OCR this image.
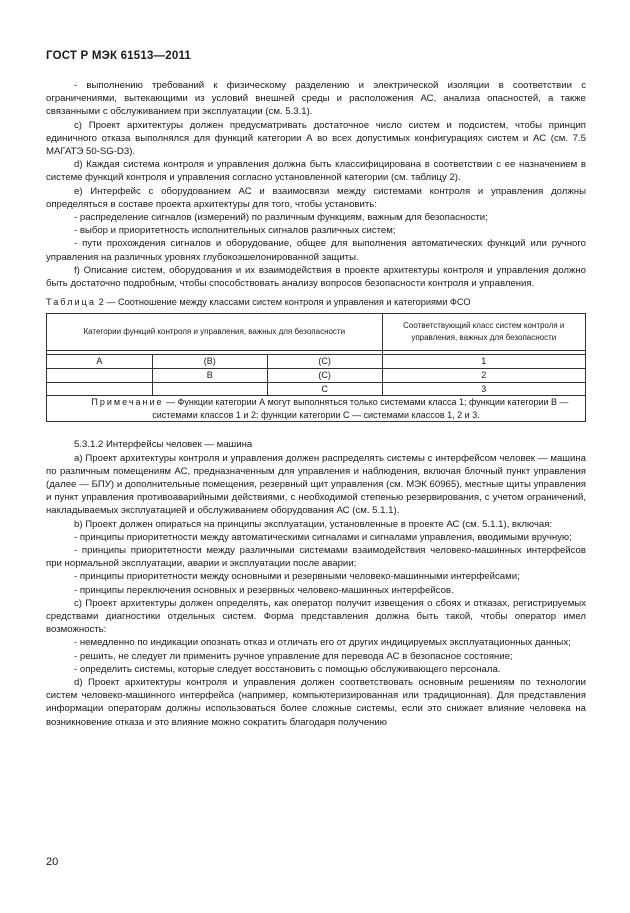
ГОСТ Р МЭК 61513—2011

- выполнению требований к физическому разделению и электрической изоляции в соответствии с ограничениями, вытекающими из условий внешней среды и расположения АС, анализа опасностей, а также связанными с обслуживанием при эксплуатации (см. 5.3.1).

c) Проект архитектуры должен предусматривать достаточное число систем и подсистем, чтобы принцип единичного отказа выполнялся для функций категории А во всех допустимых конфигурациях систем и АС (см. 7.5 МАГАТЭ 50-SG-D3).

d) Каждая система контроля и управления должна быть классифицирована в соответствии с ее назначением в системе функций контроля и управления согласно установленной категории (см. таблицу 2).

e) Интерфейс с оборудованием АС и взаимосвязи между системами контроля и управления должны определяться в составе проекта архитектуры для того, чтобы установить:

- распределение сигналов (измерений) по различным функциям, важным для безопасности;

- выбор и приоритетность исполнительных сигналов различных систем;

- пути прохождения сигналов и оборудование, общее для выполнения автоматических функций или ручного управления на различных уровнях глубокоэшелонированной защиты.

f) Описание систем, оборудования и их взаимодействия в проекте архитектуры контроля и управления должно быть достаточно подробным, чтобы способствовать анализу вопросов безопасности контроля и управления.

Таблица 2 — Соотношение между классами систем контроля и управления и категориями ФСО

Категории функций контроля и управления, важных для безопасности			Соответствующий класс систем контроля и управления, важных для безопасности

А	(В)	(С)	1
	В	(С)	2
		С	3

Примечание — Функции категории А могут выполняться только системами класса 1; функции категории В — системами классов 1 и 2; функции категории С — системами классов 1, 2 и 3.			

5.3.1.2 Интерфейсы человек — машина

a) Проект архитектуры контроля и управления должен распределять системы с интерфейсом человек — машина по различным помещениям АС, предназначенным для управления и наблюдения, включая блочный пункт управления (далее — БПУ) и дополнительные помещения, резервный щит управления (см. МЭК 60965), местные щиты управления и пункт управления противоаварийными действиями, с необходимой степенью резервирования, с учетом ограничений, накладываемых эксплуатацией и обслуживанием оборудования АС (см. 5.1.1).

b) Проект должен опираться на принципы эксплуатации, установленные в проекте АС (см. 5.1.1), включая:

- принципы приоритетности между автоматическими сигналами и сигналами управления, вводимыми вручную;

- принципы приоритетности между различными системами взаимодействия человеко-машинных интерфейсов при нормальной эксплуатации, аварии и эксплуатации после аварии;

- принципы приоритетности между основными и резервными человеко-машинными интерфейсами;

- принципы переключения основных и резервных человеко-машинных интерфейсов.

c) Проект архитектуры должен определять, как оператор получит извещения о сбоях и отказах, регистрируемых средствами диагностики отдельных систем. Форма представления должна быть такой, чтобы оператор имел возможность:

- немедленно по индикации опознать отказ и отличать его от других индицируемых эксплуатационных данных;

- решить, не следует ли применить ручное управление для перевода АС в безопасное состояние;

- определить системы, которые следует восстановить с помощью обслуживающего персонала.

d) Проект архитектуры контроля и управления должен соответствовать основным решениям по технологии систем человеко-машинного интерфейса (например, компьютеризированная или традиционная). Для представления информации операторам должны использоваться более сложные системы, если это снижает влияние человека на возникновение отказа и это влияние можно сократить благодаря получению

20
